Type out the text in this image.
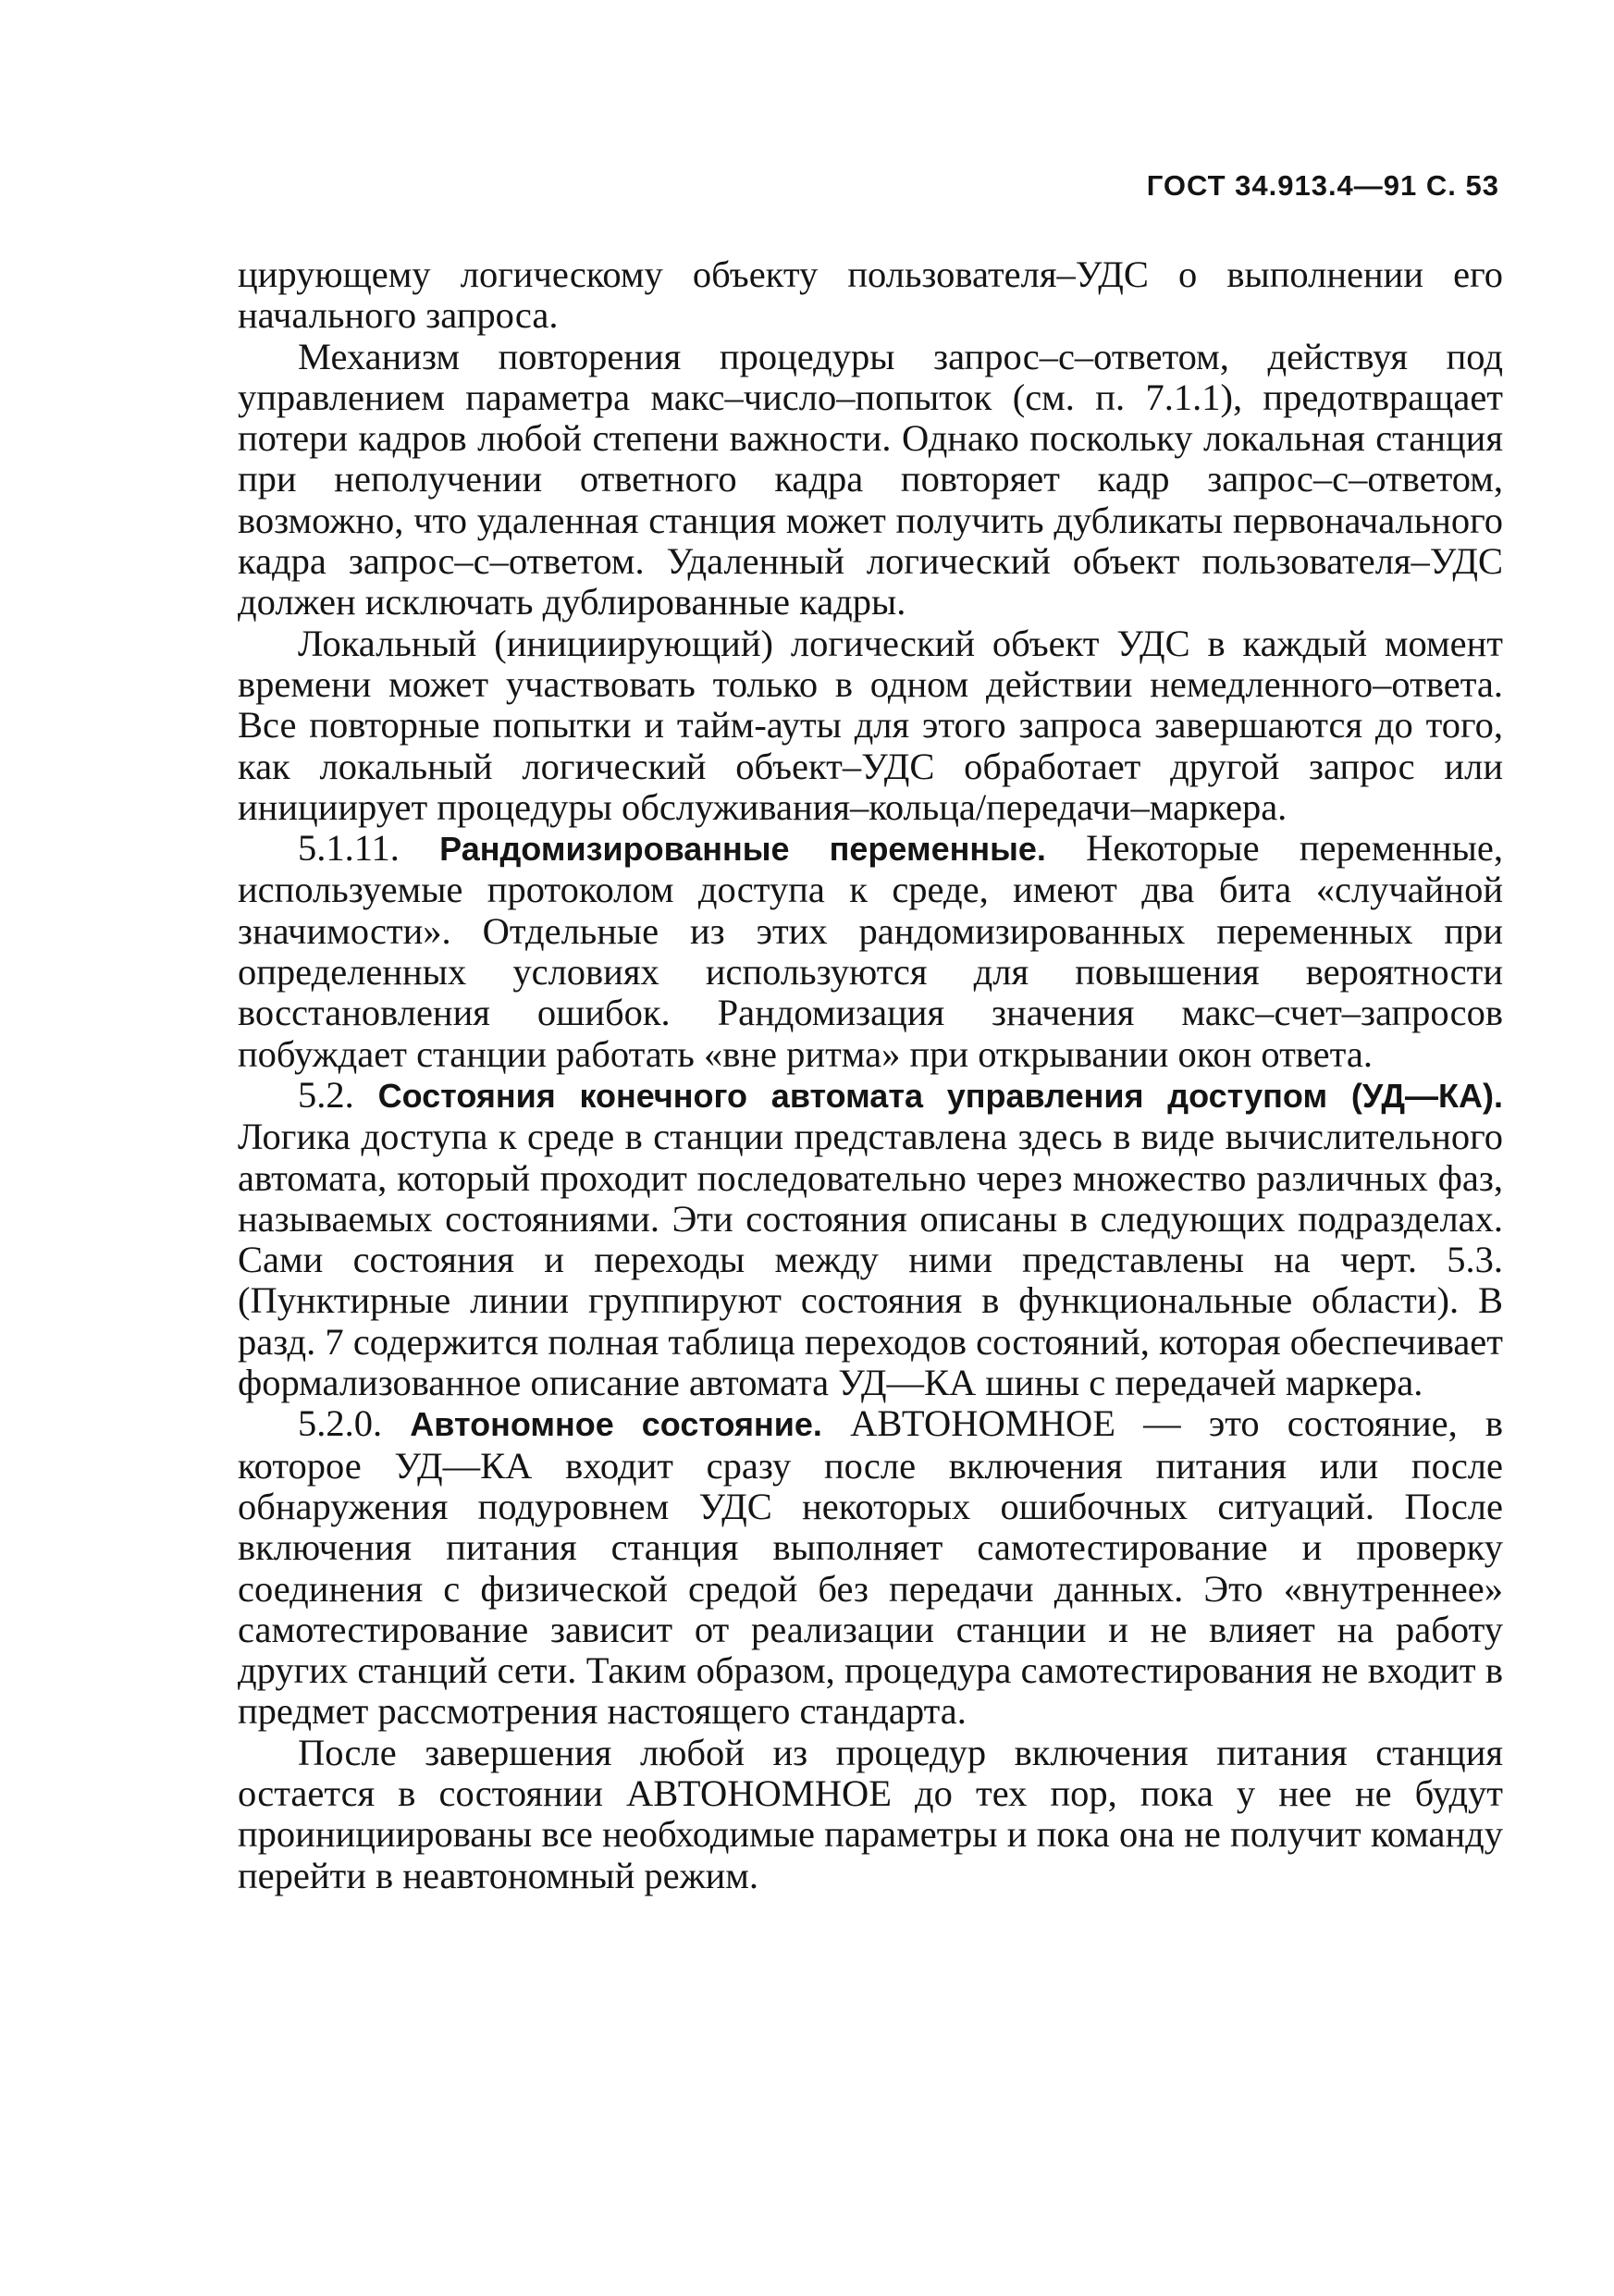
ГОСТ 34.913.4—91 С. 53

цирующему логическому объекту пользователя–УДС о выполнении его начального запроса.

Механизм повторения процедуры запрос–с–ответом, действуя под управлением параметра макс–число–попыток (см. п. 7.1.1), предотвращает потери кадров любой степени важности. Однако поскольку локальная станция при неполучении ответного кадра повторяет кадр запрос–с–ответом, возможно, что удаленная станция может получить дубликаты первоначального кадра запрос–с–ответом. Удаленный логический объект пользователя–УДС должен исключать дублированные кадры.

Локальный (инициирующий) логический объект УДС в каждый момент времени может участвовать только в одном действии немедленного–ответа. Все повторные попытки и тайм-ауты для этого запроса завершаются до того, как локальный логический объект–УДС обработает другой запрос или инициирует процедуры обслуживания–кольца/передачи–маркера.

5.1.11. Рандомизированные переменные. Некоторые переменные, используемые протоколом доступа к среде, имеют два бита «случайной значимости». Отдельные из этих рандомизированных переменных при определенных условиях используются для повышения вероятности восстановления ошибок. Рандомизация значения макс–счет–запросов побуждает станции работать «вне ритма» при открывании окон ответа.

5.2. Состояния конечного автомата управления доступом (УД—КА). Логика доступа к среде в станции представлена здесь в виде вычислительного автомата, который проходит последовательно через множество различных фаз, называемых состояниями. Эти состояния описаны в следующих подразделах. Сами состояния и переходы между ними представлены на черт. 5.3. (Пунктирные линии группируют состояния в функциональные области). В разд. 7 содержится полная таблица переходов состояний, которая обеспечивает формализованное описание автомата УД—КА шины с передачей маркера.

5.2.0. Автономное состояние. АВТОНОМНОЕ — это состояние, в которое УД—КА входит сразу после включения питания или после обнаружения подуровнем УДС некоторых ошибочных ситуаций. После включения питания станция выполняет самотестирование и проверку соединения с физической средой без передачи данных. Это «внутреннее» самотестирование зависит от реализации станции и не влияет на работу других станций сети. Таким образом, процедура самотестирования не входит в предмет рассмотрения настоящего стандарта.

После завершения любой из процедур включения питания станция остается в состоянии АВТОНОМНОЕ до тех пор, пока у нее не будут проинициированы все необходимые параметры и пока она не получит команду перейти в неавтономный режим.
